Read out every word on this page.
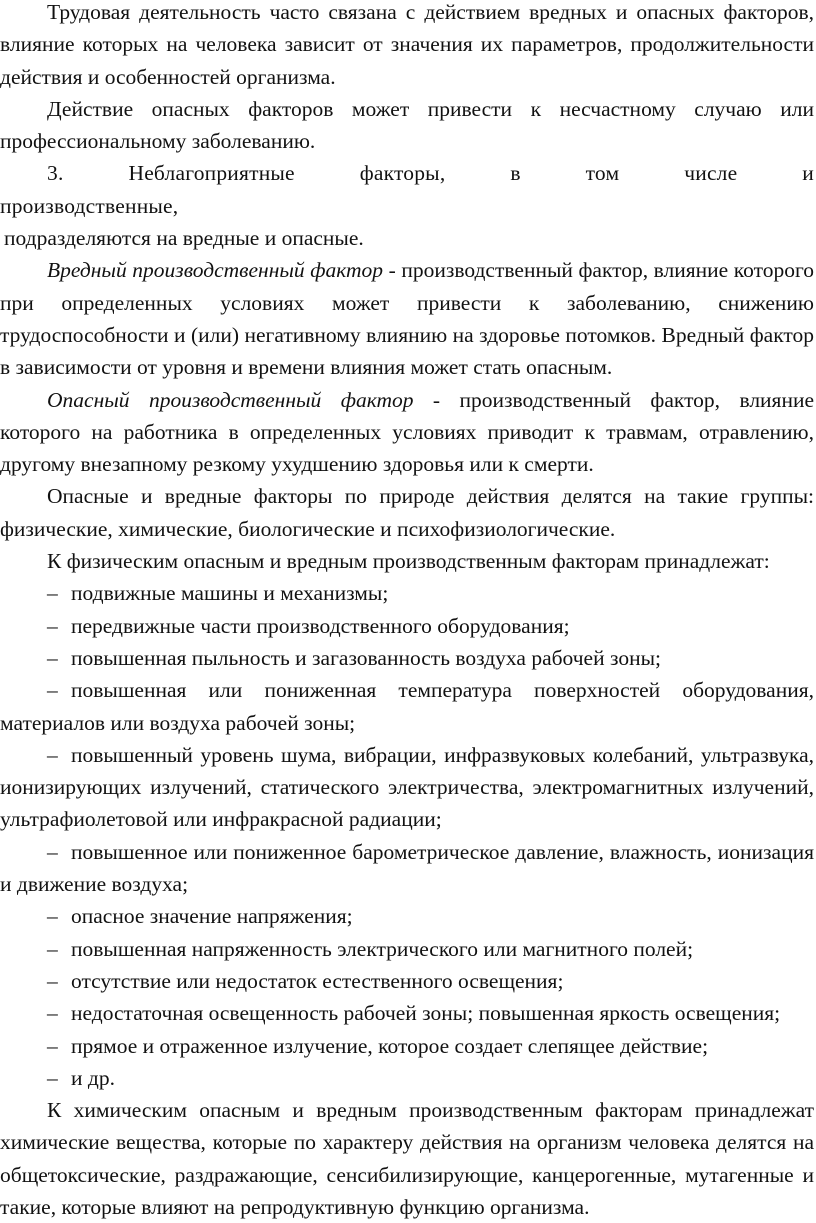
Трудовая деятельность часто связана с действием вредных и опасных факторов, влияние которых на человека зависит от значения их параметров, продолжительности действия и особенностей организма.

Действие опасных факторов может привести к несчастному случаю или профессиональному заболеванию.

3. Неблагоприятные факторы, в том числе и производственные,

подразделяются на вредные и опасные.

Вредный производственный фактор - производственный фактор, влияние которого при определенных условиях может привести к заболеванию, снижению трудоспособности и (или) негативному влиянию на здоровье потомков. Вредный фактор в зависимости от уровня и времени влияния может стать опасным.

Опасный производственный фактор - производственный фактор, влияние которого на работника в определенных условиях приводит к травмам, отравлению, другому внезапному резкому ухудшению здоровья или к смерти.

Опасные и вредные факторы по природе действия делятся на такие группы: физические, химические, биологические и психофизиологические.

К физическим опасным и вредным производственным факторам принадлежат:

– подвижные машины и механизмы;

– передвижные части производственного оборудования;

– повышенная пыльность и загазованность воздуха рабочей зоны;

– повышенная или пониженная температура поверхностей оборудования, материалов или воздуха рабочей зоны;

– повышенный уровень шума, вибрации, инфразвуковых колебаний, ультразвука, ионизирующих излучений, статического электричества, электромагнитных излучений, ультрафиолетовой или инфракрасной радиации;

– повышенное или пониженное барометрическое давление, влажность, ионизация и движение воздуха;

– опасное значение напряжения;

– повышенная напряженность электрического или магнитного полей;

– отсутствие или недостаток естественного освещения;

– недостаточная освещенность рабочей зоны; повышенная яркость освещения;

– прямое и отраженное излучение, которое создает слепящее действие;

– и др.

К химическим опасным и вредным производственным факторам принадлежат химические вещества, которые по характеру действия на организм человека делятся на общетоксические, раздражающие, сенсибилизирующие, канцерогенные, мутагенные и такие, которые влияют на репродуктивную функцию организма.
